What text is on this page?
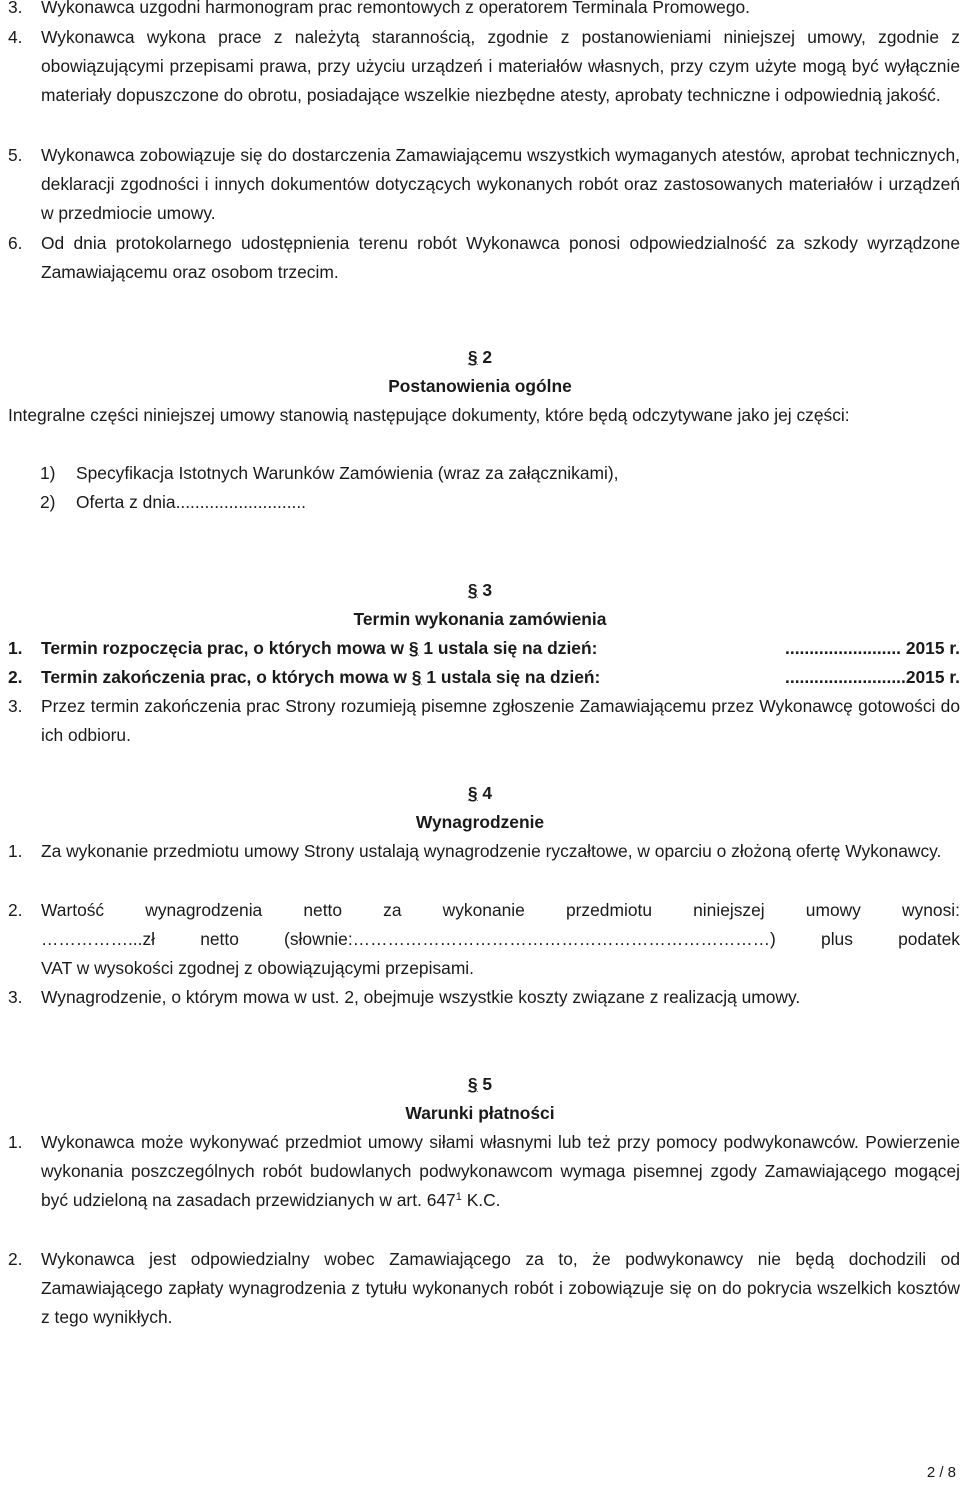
3. Wykonawca uzgodni harmonogram prac remontowych z operatorem Terminala Promowego.
4. Wykonawca wykona prace z należytą starannością, zgodnie z postanowieniami niniejszej umowy, zgodnie z obowiązującymi przepisami prawa, przy użyciu urządzeń i materiałów własnych, przy czym użyte mogą być wyłącznie materiały dopuszczone do obrotu, posiadające wszelkie niezbędne atesty, aprobaty techniczne i odpowiednią jakość.
5. Wykonawca zobowiązuje się do dostarczenia Zamawiającemu wszystkich wymaganych atestów, aprobat technicznych, deklaracji zgodności i innych dokumentów dotyczących wykonanych robót oraz zastosowanych materiałów i urządzeń w przedmiocie umowy.
6. Od dnia protokolarnego udostępnienia terenu robót Wykonawca ponosi odpowiedzialność za szkody wyrządzone Zamawiającemu oraz osobom trzecim.
§ 2
Postanowienia ogólne
Integralne części niniejszej umowy stanowią następujące dokumenty, które będą odczytywane jako jej części:
1) Specyfikacja Istotnych Warunków Zamówienia (wraz za załącznikami),
2) Oferta z dnia...........................
§ 3
Termin wykonania zamówienia
1. Termin rozpoczęcia prac, o których mowa w § 1 ustala się na dzień:	........................ 2015 r.
2. Termin zakończenia prac, o których mowa w § 1 ustala się na dzień:	.........................2015 r.
3. Przez termin zakończenia prac Strony rozumieją pisemne zgłoszenie Zamawiającemu przez Wykonawcę gotowości do ich odbioru.
§ 4
Wynagrodzenie
1. Za wykonanie przedmiotu umowy Strony ustalają wynagrodzenie ryczałtowe, w oparciu o złożoną ofertę Wykonawcy.
2. Wartość wynagrodzenia netto za wykonanie przedmiotu niniejszej umowy wynosi:
……………...zł netto (słownie:………………………………………………………………) plus podatek
VAT w wysokości zgodnej z obowiązującymi przepisami.
3. Wynagrodzenie, o którym mowa w ust. 2, obejmuje wszystkie koszty związane z realizacją umowy.
§ 5
Warunki płatności
1. Wykonawca może wykonywać przedmiot umowy siłami własnymi lub też przy pomocy podwykonawców. Powierzenie wykonania poszczególnych robót budowlanych podwykonawcom wymaga pisemnej zgody Zamawiającego mogącej być udzieloną na zasadach przewidzianych w art. $647^1$ K.C.
2. Wykonawca jest odpowiedzialny wobec Zamawiającego za to, że podwykonawcy nie będą dochodzili od Zamawiającego zapłaty wynagrodzenia z tytułu wykonanych robót i zobowiązuje się on do pokrycia wszelkich kosztów z tego wynikłych.
2 / 8
